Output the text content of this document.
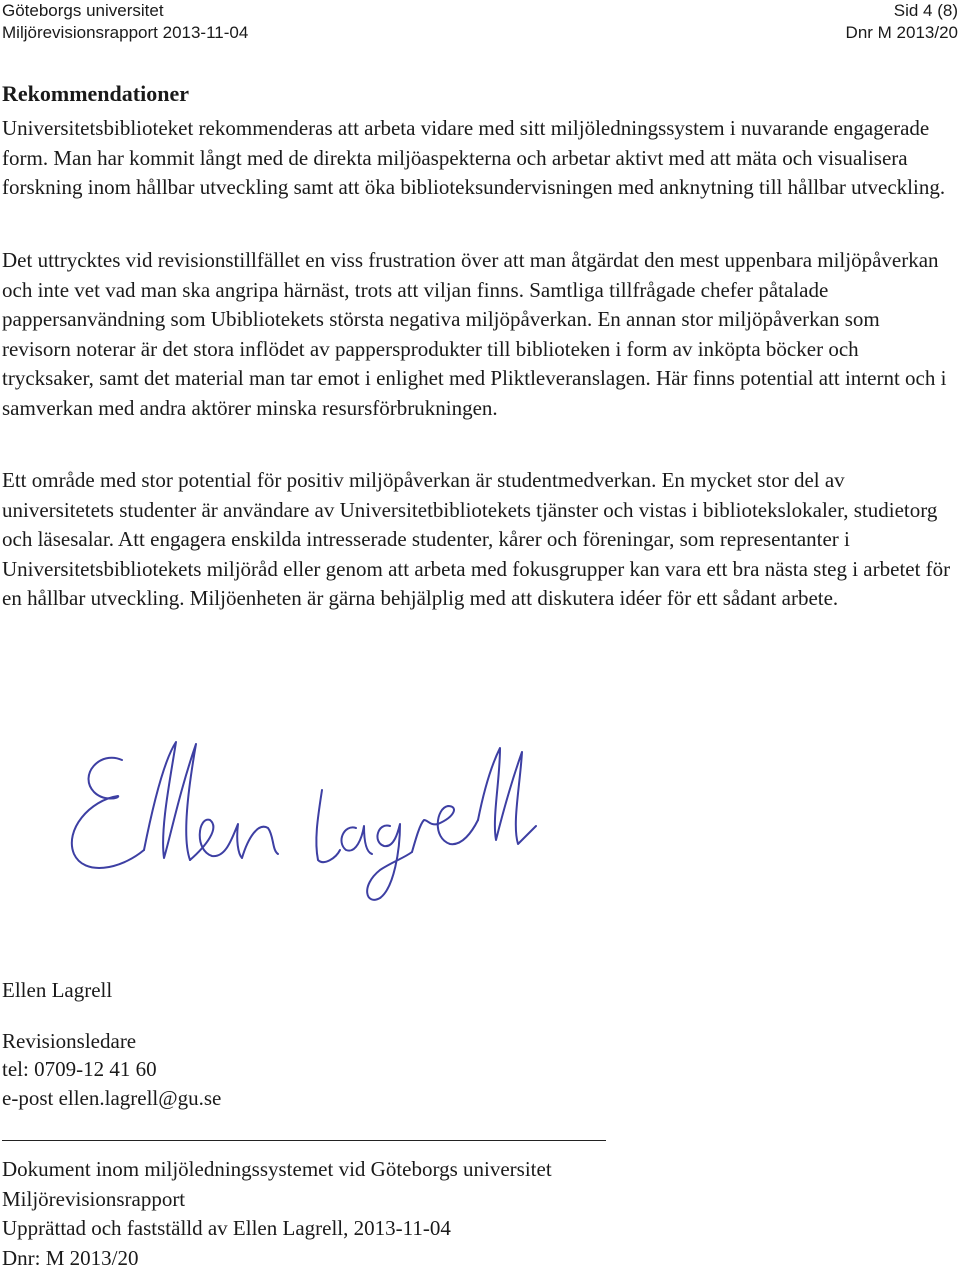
Göteborgs universitet	Sid 4 (8)
Miljörevisionsrapport 2013-11-04	Dnr M 2013/20
Rekommendationer

Universitetsbiblioteket rekommenderas att arbeta vidare med sitt miljöledningssystem i nuvarande engagerade form. Man har kommit långt med de direkta miljöaspekterna och arbetar aktivt med att mäta och visualisera forskning inom hållbar utveckling samt att öka biblioteksundervisningen med anknytning till hållbar utveckling.

Det uttrycktes vid revisionstillfället en viss frustration över att man åtgärdat den mest uppenbara miljöpåverkan och inte vet vad man ska angripa härnäst, trots att viljan finns. Samtliga tillfrågade chefer påtalade pappersanvändning som Ubibliotekets största negativa miljöpåverkan. En annan stor miljöpåverkan som revisorn noterar är det stora inflödet av pappersprodukter till biblioteken i form av inköpta böcker och trycksaker, samt det material man tar emot i enlighet med Pliktleveranslagen. Här finns potential att internt och i samverkan med andra aktörer minska resursförbrukningen.

Ett område med stor potential för positiv miljöpåverkan är studentmedverkan. En mycket stor del av universitetets studenter är användare av Universitetbibliotekets tjänster och vistas i bibliotekslokaler, studietorg och läsesalar. Att engagera enskilda intresserade studenter, kårer och föreningar, som representanter i Universitetsbibliotekets miljöråd eller genom att arbeta med fokusgrupper kan vara ett bra nästa steg i arbetet för en hållbar utveckling. Miljöenheten är gärna behjälplig med att diskutera idéer för ett sådant arbete.

Ellen Lagrell
Revisionsledare
tel: 0709-12 41 60
e-post ellen.lagrell@gu.se
Dokument inom miljöledningssystemet vid Göteborgs universitet
Miljörevisionsrapport
Upprättad och fastställd av Ellen Lagrell, 2013-11-04
Dnr: M 2013/20
